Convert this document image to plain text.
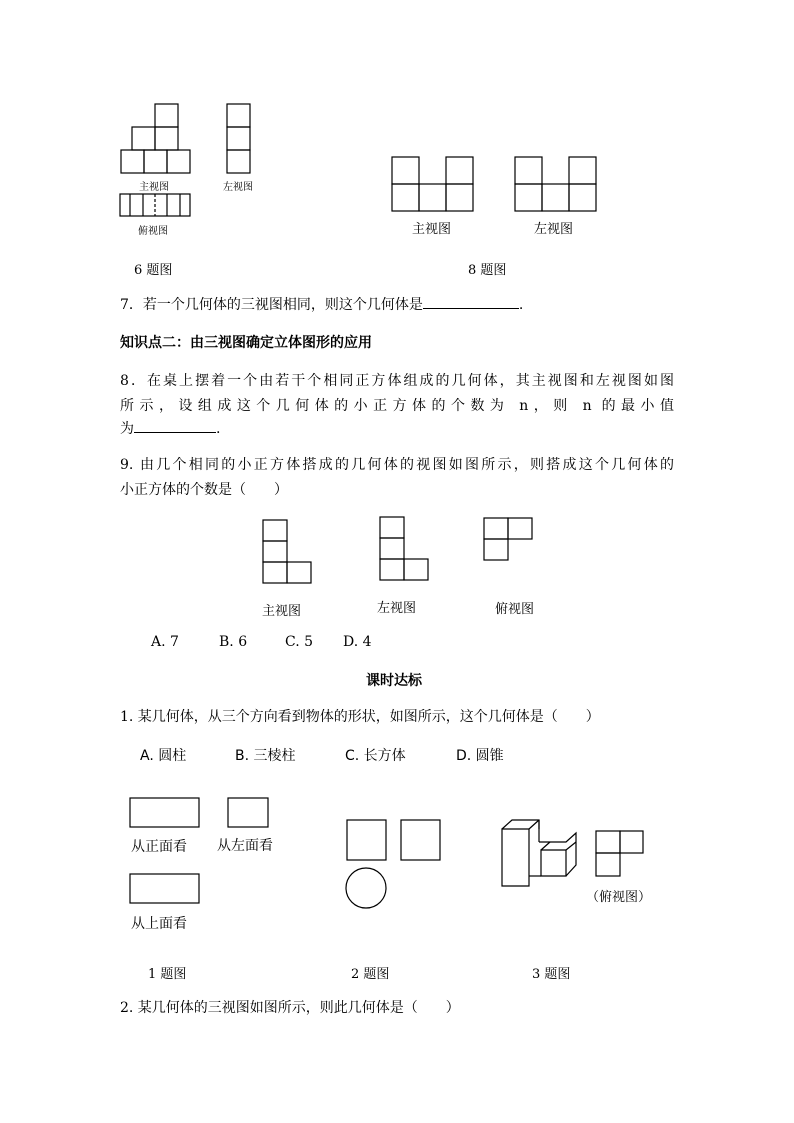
主视图	左视图
俯视图
6 题图
主视图	左视图
8 题图
7．若一个几何体的三视图相同，则这个几何体是	.
知识点二：由三视图确定立体图形的应用
8．在桌上摆着一个由若干个相同正方体组成的几何体，其主视图和左视图如图
所示，设组成这个几何体的小正方体的个数为 n，则 n 的最小值
为	.
9. 由几个相同的小正方体搭成的几何体的视图如图所示，则搭成这个几何体的
小正方体的个数是（　　）
主视图	左视图	俯视图
A. 7	B. 6	C. 5 D. 4
课时达标
1. 某几何体，从三个方向看到物体的形状，如图所示，这个几何体是（　　）
A. 圆柱	B. 三棱柱	C. 长方体	D. 圆锥
从正面看 从左面看
从上面看
1 题图	2 题图
（俯视图）
3 题图
2. 某几何体的三视图如图所示，则此几何体是（　　）
